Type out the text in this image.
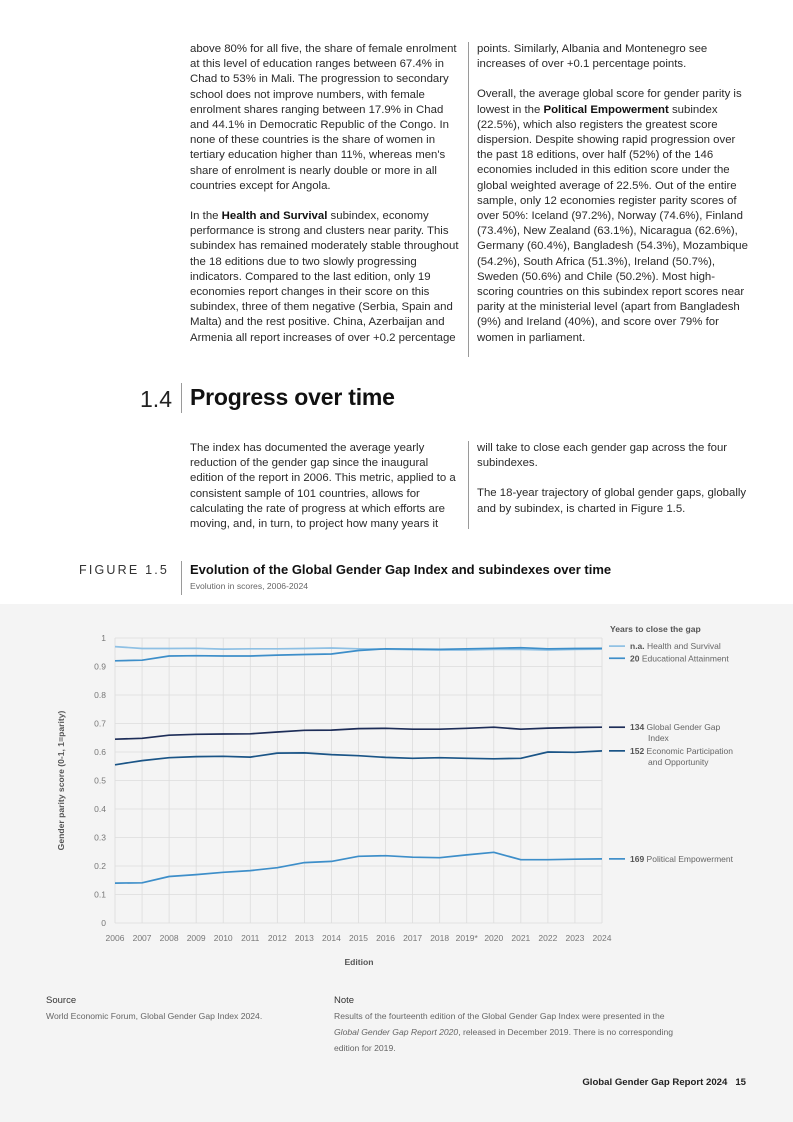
above 80% for all five, the share of female enrolment at this level of education ranges between 67.4% in Chad to 53% in Mali. The progression to secondary school does not improve numbers, with female enrolment shares ranging between 17.9% in Chad and 44.1% in Democratic Republic of the Congo. In none of these countries is the share of women in tertiary education higher than 11%, whereas men's share of enrolment is nearly double or more in all countries except for Angola.

In the Health and Survival subindex, economy performance is strong and clusters near parity. This subindex has remained moderately stable throughout the 18 editions due to two slowly progressing indicators. Compared to the last edition, only 19 economies report changes in their score on this subindex, three of them negative (Serbia, Spain and Malta) and the rest positive. China, Azerbaijan and Armenia all report increases of over +0.2 percentage

points. Similarly, Albania and Montenegro see increases of over +0.1 percentage points.

Overall, the average global score for gender parity is lowest in the Political Empowerment subindex (22.5%), which also registers the greatest score dispersion. Despite showing rapid progression over the past 18 editions, over half (52%) of the 146 economies included in this edition score under the global weighted average of 22.5%. Out of the entire sample, only 12 economies register parity scores of over 50%: Iceland (97.2%), Norway (74.6%), Finland (73.4%), New Zealand (63.1%), Nicaragua (62.6%), Germany (60.4%), Bangladesh (54.3%), Mozambique (54.2%), South Africa (51.3%), Ireland (50.7%), Sweden (50.6%) and Chile (50.2%). Most high-scoring countries on this subindex report scores near parity at the ministerial level (apart from Bangladesh (9%) and Ireland (40%), and score over 79% for women in parliament.

1.4 Progress over time

The index has documented the average yearly reduction of the gender gap since the inaugural edition of the report in 2006. This metric, applied to a consistent sample of 101 countries, allows for calculating the rate of progress at which efforts are moving, and, in turn, to project how many years it

will take to close each gender gap across the four subindexes.

The 18-year trajectory of global gender gaps, globally and by subindex, is charted in Figure 1.5.

FIGURE 1.5 Evolution of the Global Gender Gap Index and subindexes over time
Evolution in scores, 2006-2024
0
0.1
0.2
0.3
0.4
0.5
0.6
0.7
0.8
0.9
1
2006 2007 2008 2009 2010 2011 2012 2013 2014 2015 2016 2017 2018 2019* 2020 2021 2022 2023 2024
Edition
Gender parity score (0-1, 1=parity)
Years to close the gap
n.a. Health and Survival
20 Educational Attainment
134 Global Gender Gap Index
152 Economic Participation and Opportunity
169 Political Empowerment
Source
World Economic Forum, Global Gender Gap Index 2024.
Note
Results of the fourteenth edition of the Global Gender Gap Index were presented in the
Global Gender Gap Report 2020, released in December 2019. There is no corresponding
edition for 2019.
Global Gender Gap Report 2024 15
